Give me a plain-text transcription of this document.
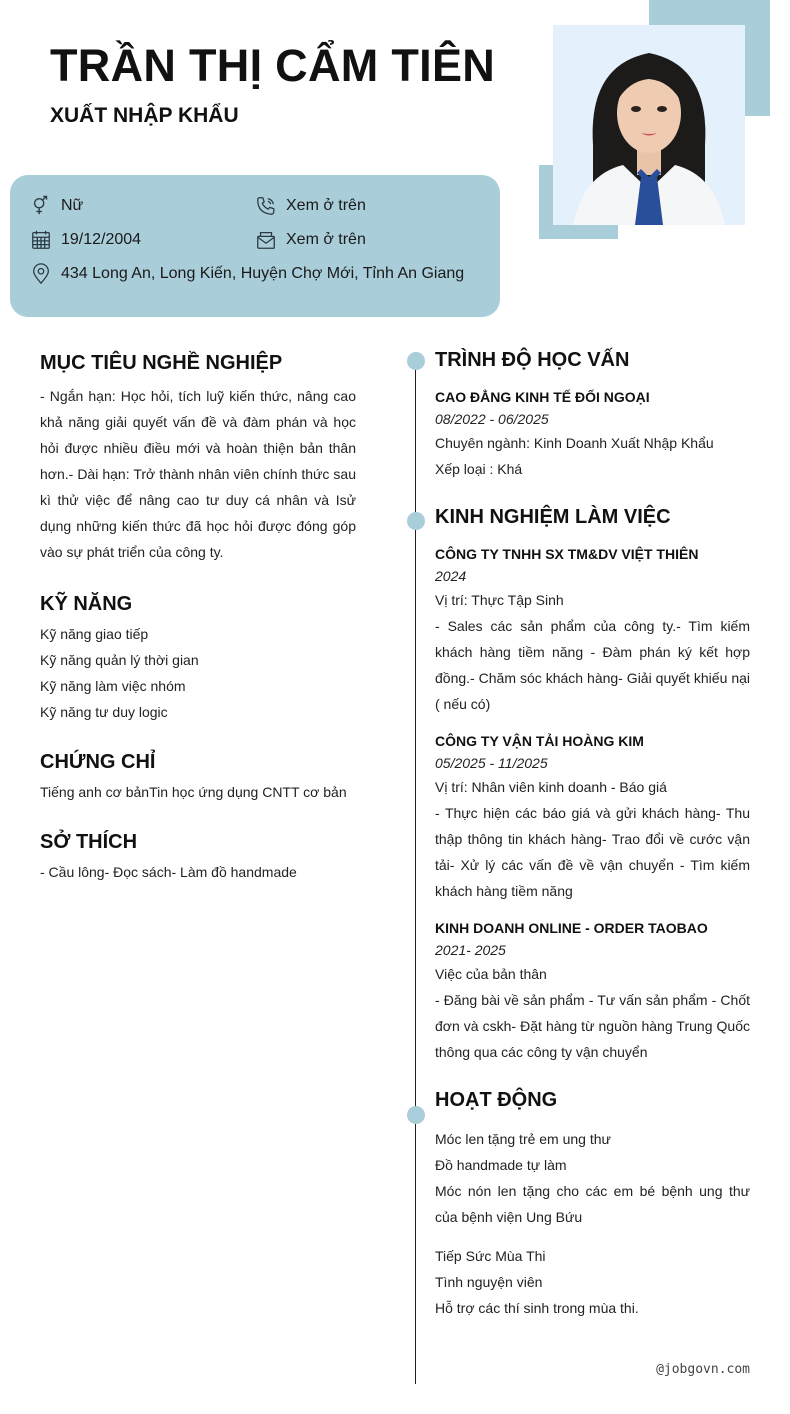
TRẦN THỊ CẨM TIÊN
XUẤT NHẬP KHẨU
Nữ	Xem ở trên
19/12/2004	Xem ở trên
434 Long An, Long Kiến, Huyện Chợ Mới, Tỉnh An Giang
MỤC TIÊU NGHỀ NGHIỆP
- Ngắn hạn: Học hỏi, tích luỹ kiến thức, nâng cao khả năng giải quyết vấn đề và đàm phán và học hỏi được nhiều điều mới và hoàn thiện bản thân hơn.- Dài hạn: Trở thành nhân viên chính thức sau kì thử việc để nâng cao tư duy cá nhân và Isử dụng những kiến thức đã học hỏi được đóng góp vào sự phát triển của công ty.
KỸ NĂNG
Kỹ năng giao tiếp
Kỹ năng quản lý thời gian
Kỹ năng làm việc nhóm
Kỹ năng tư duy logic
CHỨNG CHỈ
Tiếng anh cơ bảnTin học ứng dụng CNTT cơ bản
SỞ THÍCH
- Cầu lông- Đọc sách- Làm đồ handmade
TRÌNH ĐỘ HỌC VẤN
CAO ĐẲNG KINH TẾ ĐỐI NGOẠI
08/2022 - 06/2025
Chuyên ngành: Kinh Doanh Xuất Nhập Khẩu
Xếp loại : Khá
KINH NGHIỆM LÀM VIỆC
CÔNG TY TNHH SX TM&DV VIỆT THIÊN
2024
Vị trí: Thực Tập Sinh
- Sales các sản phẩm của công ty.- Tìm kiếm khách hàng tiềm năng - Đàm phán ký kết hợp đồng.- Chăm sóc khách hàng- Giải quyết khiếu nại ( nếu có)
CÔNG TY VẬN TẢI HOÀNG KIM
05/2025 - 11/2025
Vị trí: Nhân viên kinh doanh - Báo giá
- Thực hiện các báo giá và gửi khách hàng- Thu thập thông tin khách hàng- Trao đổi về cước vận tải- Xử lý các vấn đề về vận chuyển - Tìm kiếm khách hàng tiềm năng
KINH DOANH ONLINE - ORDER TAOBAO
2021- 2025
Việc của bản thân
- Đăng bài về sản phẩm - Tư vấn sản phẩm - Chốt đơn và cskh- Đặt hàng từ nguồn hàng Trung Quốc thông qua các công ty vận chuyển
HOẠT ĐỘNG
Móc len tặng trẻ em ung thư
Đồ handmade tự làm
Móc nón len tặng cho các em bé bệnh ung thư của bệnh viện Ung Bứu
Tiếp Sức Mùa Thi
Tình nguyện viên
Hỗ trợ các thí sinh trong mùa thi.
@jobgovn.com
